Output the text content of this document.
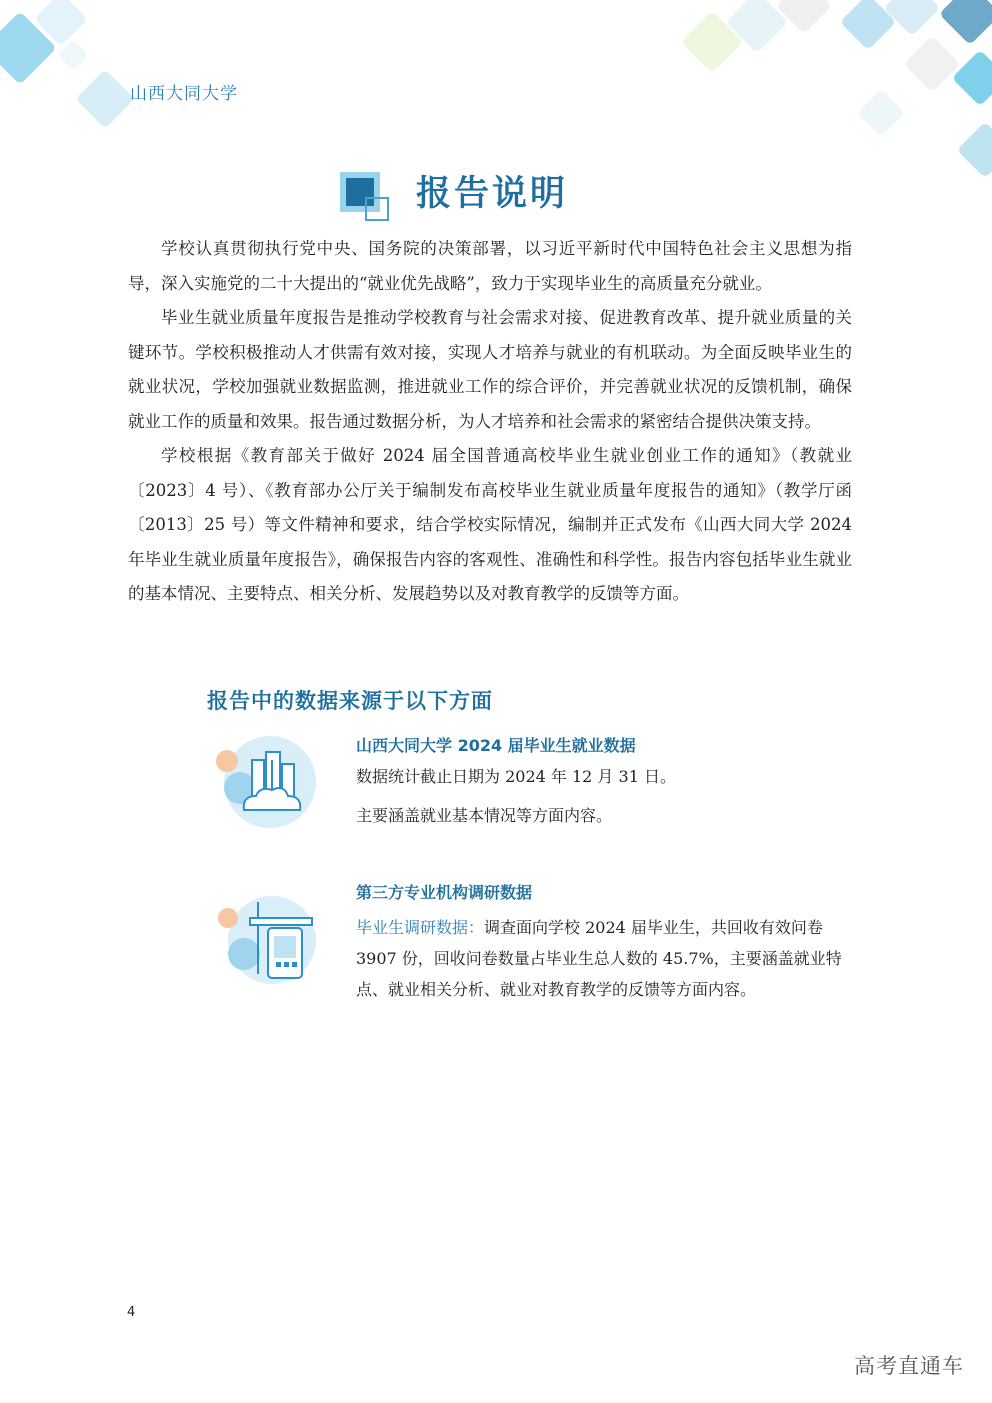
山西大同大学
报告说明

学校认真贯彻执行党中央、国务院的决策部署，以习近平新时代中国特色社会主义思想为指导，深入实施党的二十大提出的“就业优先战略”，致力于实现毕业生的高质量充分就业。

毕业生就业质量年度报告是推动学校教育与社会需求对接、促进教育改革、提升就业质量的关键环节。学校积极推动人才供需有效对接，实现人才培养与就业的有机联动。为全面反映毕业生的就业状况，学校加强就业数据监测，推进就业工作的综合评价，并完善就业状况的反馈机制，确保就业工作的质量和效果。报告通过数据分析，为人才培养和社会需求的紧密结合提供决策支持。

学校根据《教育部关于做好 2024 届全国普通高校毕业生就业创业工作的通知》（教就业〔2023〕4 号）、《教育部办公厅关于编制发布高校毕业生就业质量年度报告的通知》（教学厅函〔2013〕25 号）等文件精神和要求，结合学校实际情况，编制并正式发布《山西大同大学 2024 年毕业生就业质量年度报告》，确保报告内容的客观性、准确性和科学性。报告内容包括毕业生就业的基本情况、主要特点、相关分析、发展趋势以及对教育教学的反馈等方面。

报告中的数据来源于以下方面
山西大同大学 2024 届毕业生就业数据

数据统计截止日期为 2024 年 12 月 31 日。

主要涵盖就业基本情况等方面内容。

第三方专业机构调研数据

毕业生调研数据：调查面向学校 2024 届毕业生，共回收有效问卷 3907 份，回收问卷数量占毕业生总人数的 45.7%，主要涵盖就业特点、就业相关分析、就业对教育教学的反馈等方面内容。

4
高考直通车
